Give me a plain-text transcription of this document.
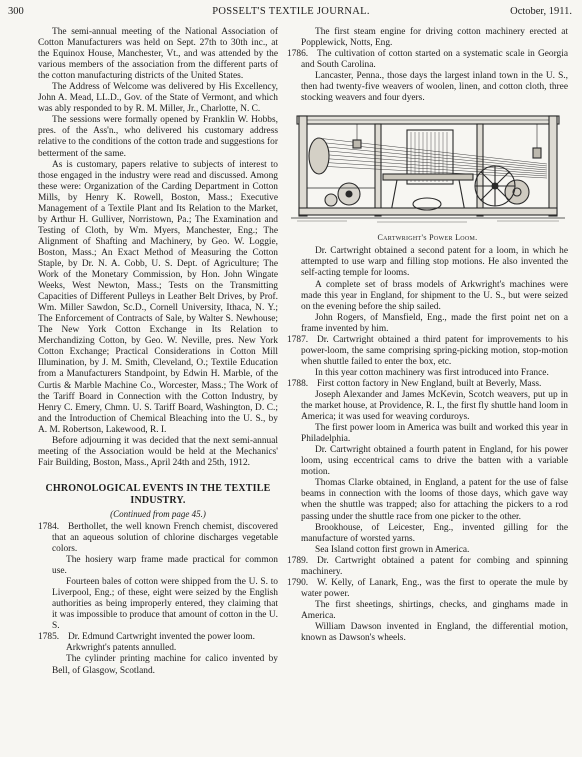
300	POSSELT'S TEXTILE JOURNAL.	October, 1911.

The semi-annual meeting of the National Association of Cotton Manufacturers was held on Sept. 27th to 30th inc., at the Equinox House, Manchester, Vt., and was attended by the various members of the association from the different parts of the cotton manufacturing districts of the United States.

The Address of Welcome was delivered by His Excellency, John A. Mead, LL.D., Gov. of the State of Vermont, and which was ably responded to by R. M. Miller, Jr., Charlotte, N. C.

The sessions were formally opened by Franklin W. Hobbs, pres. of the Ass'n., who delivered his customary address relative to the conditions of the cotton trade and suggestions for betterment of the same.

As is customary, papers relative to subjects of interest to those engaged in the industry were read and discussed. Among these were: Organization of the Carding Department in Cotton Mills, by Henry K. Rowell, Boston, Mass.; Executive Management of a Textile Plant and Its Relation to the Market, by Arthur H. Gulliver, Norristown, Pa.; The Examination and Testing of Cloth, by Wm. Myers, Manchester, Eng.; The Alignment of Shafting and Machinery, by Geo. W. Loggie, Boston, Mass.; An Exact Method of Measuring the Cotton Staple, by Dr. N. A. Cobb, U. S. Dept. of Agriculture; The Work of the Monetary Commission, by Hon. John Wingate Weeks, West Newton, Mass.; Tests on the Transmitting Capacities of Different Pulleys in Leather Belt Drives, by Prof. Wm. Miller Sawdon, Sc.D., Cornell University, Ithaca, N. Y.; The Enforcement of Contracts of Sale, by Walter S. Newhouse; The New York Cotton Exchange in Its Relation to Merchandizing Cotton, by Geo. W. Neville, pres. New York Cotton Exchange; Practical Considerations in Cotton Mill Illumination, by J. M. Smith, Cleveland, O.; Textile Education from a Manufacturers Standpoint, by Edwin H. Marble, of the Curtis & Marble Machine Co., Worcester, Mass.; The Work of the Tariff Board in Connection with the Cotton Industry, by Henry C. Emery, Chmn. U. S. Tariff Board, Washington, D. C.; and the Introduction of Chemical Bleaching into the U. S., by A. M. Robertson, Lakewood, R. I.

Before adjourning it was decided that the next semi-annual meeting of the Association would be held at the Mechanics' Fair Building, Boston, Mass., April 24th and 25th, 1912.

CHRONOLOGICAL EVENTS IN THE TEXTILE INDUSTRY.
(Continued from page 45.)

1784. Berthollet, the well known French chemist, discovered that an aqueous solution of chlorine discharges vegetable colors.

The hosiery warp frame made practical for common use.

Fourteen bales of cotton were shipped from the U. S. to Liverpool, Eng.; of these, eight were seized by the English authorities as being improperly entered, they claiming that it was impossible to produce that amount of cotton in the U. S.

1785. Dr. Edmund Cartwright invented the power loom.

Arkwright's patents annulled.

The cylinder printing machine for calico invented by Bell, of Glasgow, Scotland.

The first steam engine for driving cotton machinery erected at Popplewick, Notts, Eng.

1786. The cultivation of cotton started on a systematic scale in Georgia and South Carolina.

Lancaster, Penna., those days the largest inland town in the U. S., then had twenty-five weavers of woolen, linen, and cotton cloth, three stocking weavers and four dyers.

Cartwright's Power Loom.

Dr. Cartwright obtained a second patent for a loom, in which he attempted to use warp and filling stop motions. He also invented the self-acting temple for looms.

A complete set of brass models of Arkwright's machines were made this year in England, for shipment to the U. S., but were seized on the evening before the ship sailed.

John Rogers, of Mansfield, Eng., made the first point net on a frame invented by him.

1787. Dr. Cartwright obtained a third patent for improvements to his power-loom, the same comprising spring-picking motion, stop-motion when shuttle failed to enter the box, etc.

In this year cotton machinery was first introduced into France.

1788. First cotton factory in New England, built at Beverly, Mass.

Joseph Alexander and James McKevin, Scotch weavers, put up in the market house, at Providence, R. I., the first fly shuttle hand loom in America; it was used for weaving corduroys.

The first power loom in America was built and worked this year in Philadelphia.

Dr. Cartwright obtained a fourth patent in England, for his power loom, using eccentrical cams to drive the batten with a variable motion.

Thomas Clarke obtained, in England, a patent for the use of false beams in connection with the looms of those days, which gave way when the shuttle was trapped; also for attaching the pickers to a rod passing under the shuttle race from one picker to the other.

Brookhouse, of Leicester, Eng., invented gilling for the manufacture of worsted yarns.

Sea Island cotton first grown in America.

1789. Dr. Cartwright obtained a patent for combing and spinning machinery.

1790. W. Kelly, of Lanark, Eng., was the first to operate the mule by water power.

The first sheetings, shirtings, checks, and ginghams made in America.

William Dawson invented in England, the differential motion, known as Dawson's wheels.
